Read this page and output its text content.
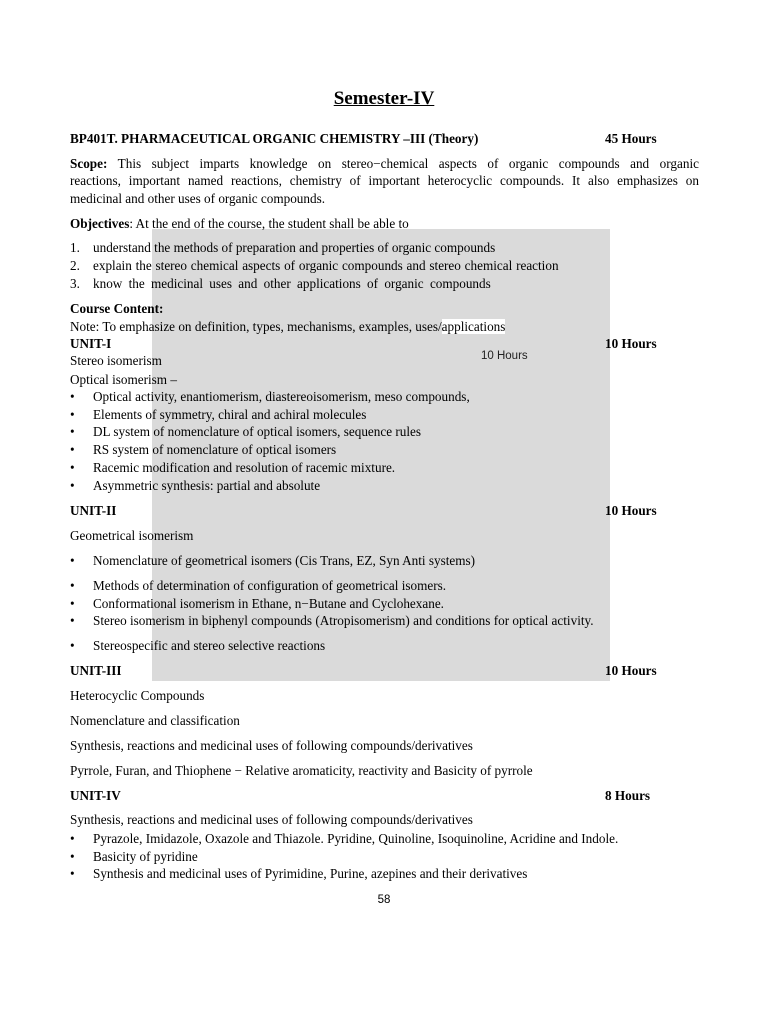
10 Hours
Semester-IV
BP401T. PHARMACEUTICAL ORGANIC CHEMISTRY –III (Theory)	45 Hours
Scope: This subject imparts knowledge on stereo−chemical aspects of organic compounds and organic
reactions, important named reactions, chemistry of important heterocyclic compounds. It also emphasizes on
medicinal and other uses of organic compounds.
Objectives: At the end of the course, the student shall be able to
1. understand the methods of preparation and properties of organic compounds
2. explain the stereo chemical aspects of organic compounds and stereo chemical reaction
3. know the medicinal uses and other applications of organic compounds
Course Content:
Note: To emphasize on definition, types, mechanisms, examples, uses/applications
UNIT-I	10 Hours
Stereo isomerism
Optical isomerism –
• Optical activity, enantiomerism, diastereoisomerism, meso compounds,
• Elements of symmetry, chiral and achiral molecules
• DL system of nomenclature of optical isomers, sequence rules
• RS system of nomenclature of optical isomers
• Racemic modification and resolution of racemic mixture.
• Asymmetric synthesis: partial and absolute
UNIT-II	10 Hours
Geometrical isomerism
• Nomenclature of geometrical isomers (Cis Trans, EZ, Syn Anti systems)
• Methods of determination of configuration of geometrical isomers.
• Conformational isomerism in Ethane, n−Butane and Cyclohexane.
• Stereo isomerism in biphenyl compounds (Atropisomerism) and conditions for optical activity.
• Stereospecific and stereo selective reactions
UNIT-III	10 Hours
Heterocyclic Compounds
Nomenclature and classification
Synthesis, reactions and medicinal uses of following compounds/derivatives
Pyrrole, Furan, and Thiophene − Relative aromaticity, reactivity and Basicity of pyrrole
UNIT-IV	8 Hours
Synthesis, reactions and medicinal uses of following compounds/derivatives
• Pyrazole, Imidazole, Oxazole and Thiazole. Pyridine, Quinoline, Isoquinoline, Acridine and Indole.
• Basicity of pyridine
• Synthesis and medicinal uses of Pyrimidine, Purine, azepines and their derivatives
58
